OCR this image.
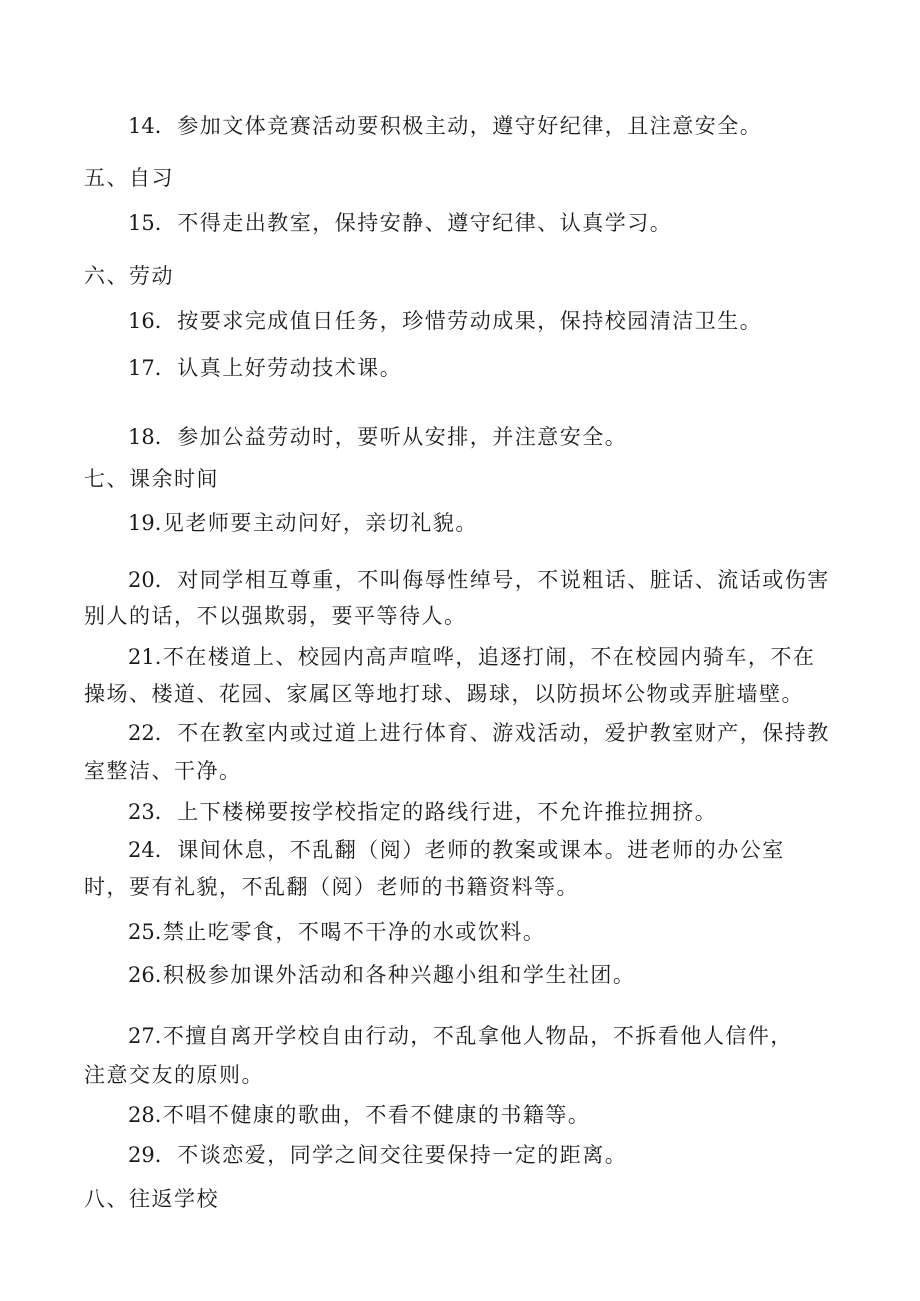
14．参加文体竞赛活动要积极主动，遵守好纪律，且注意安全。
五、自习
15．不得走出教室，保持安静、遵守纪律、认真学习。
六、劳动
16．按要求完成值日任务，珍惜劳动成果，保持校园清洁卫生。
17．认真上好劳动技术课。
18．参加公益劳动时，要听从安排，并注意安全。
七、课余时间
19.见老师要主动问好，亲切礼貌。
20．对同学相互尊重，不叫侮辱性绰号，不说粗话、脏话、流话或伤害
别人的话，不以强欺弱，要平等待人。
21.不在楼道上、校园内高声喧哗，追逐打闹，不在校园内骑车，不在
操场、楼道、花园、家属区等地打球、踢球，以防损坏公物或弄脏墙壁。
22．不在教室内或过道上进行体育、游戏活动，爱护教室财产，保持教
室整洁、干净。
23．上下楼梯要按学校指定的路线行进，不允许推拉拥挤。
24．课间休息，不乱翻（阅）老师的教案或课本。进老师的办公室
时，要有礼貌，不乱翻（阅）老师的书籍资料等。
25.禁止吃零食，不喝不干净的水或饮料。
26.积极参加课外活动和各种兴趣小组和学生社团。
27.不擅自离开学校自由行动，不乱拿他人物品，不拆看他人信件，
注意交友的原则。
28.不唱不健康的歌曲，不看不健康的书籍等。
29．不谈恋爱，同学之间交往要保持一定的距离。
八、往返学校
